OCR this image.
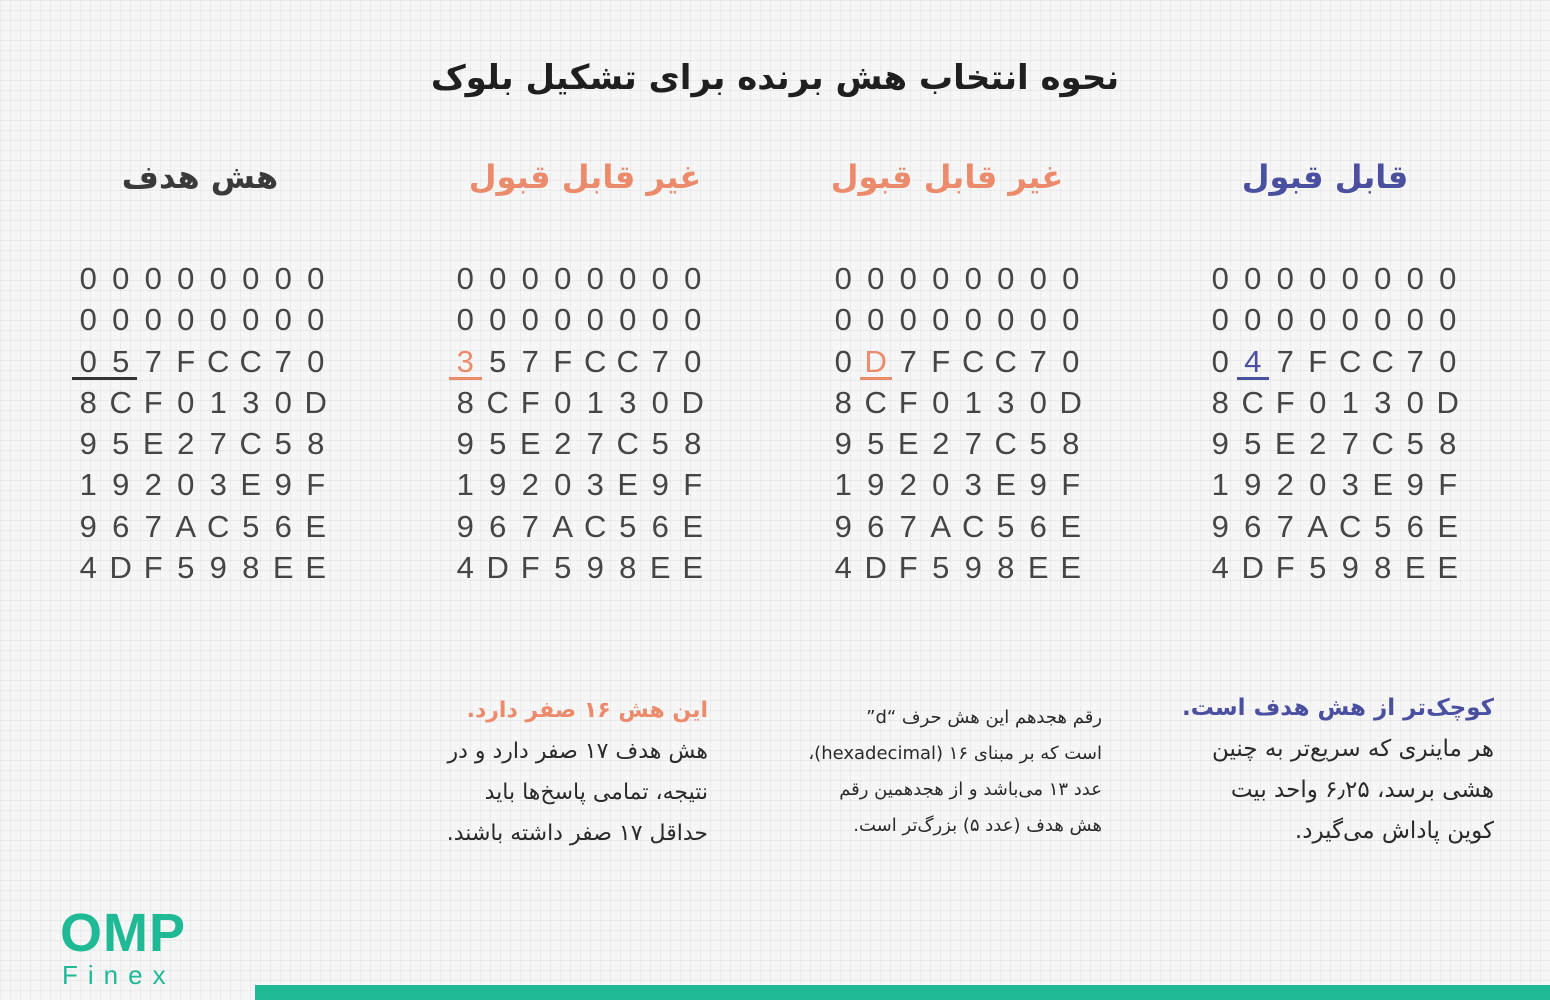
نحوه انتخاب هش برنده برای تشکیل بلوک
هش هدف	غیر قابل قبول	غیر قابل قبول	قابل قبول
0 0 0 0 0 0 0 0
0 0 0 0 0 0 0 0
0 5 7 F C C 7 0
8 C F 0 1 3 0 D
9 5 E 2 7 C 5 8
1 9 2 0 3 E 9 F
9 6 7 A C 5 6 E
4 D F 5 9 8 E E
0 0 0 0 0 0 0 0
0 0 0 0 0 0 0 0
3 5 7 F C C 7 0
8 C F 0 1 3 0 D
9 5 E 2 7 C 5 8
1 9 2 0 3 E 9 F
9 6 7 A C 5 6 E
4 D F 5 9 8 E E
0 0 0 0 0 0 0 0
0 0 0 0 0 0 0 0
0 D 7 F C C 7 0
8 C F 0 1 3 0 D
9 5 E 2 7 C 5 8
1 9 2 0 3 E 9 F
9 6 7 A C 5 6 E
4 D F 5 9 8 E E
0 0 0 0 0 0 0 0
0 0 0 0 0 0 0 0
0 4 7 F C C 7 0
8 C F 0 1 3 0 D
9 5 E 2 7 C 5 8
1 9 2 0 3 E 9 F
9 6 7 A C 5 6 E
4 D F 5 9 8 E E
این هش ۱۶ صفر دارد.
هش هدف ۱۷ صفر دارد و در
نتیجه، تمامی پاسخ‌ها باید
حداقل ۱۷ صفر داشته باشند.
رقم هجدهم این هش حرف “d”
است که بر مبنای ۱۶ (hexadecimal)،
عدد ۱۳ می‌باشد و از هجدهمین رقم
هش هدف (عدد ۵) بزرگ‌تر است.
کوچک‌تر از هش هدف است.
هر ماینری که سریع‌تر به چنین
هشی برسد، ۶٫۲۵ واحد بیت
کوین پاداش می‌گیرد.
OMP
Finex
